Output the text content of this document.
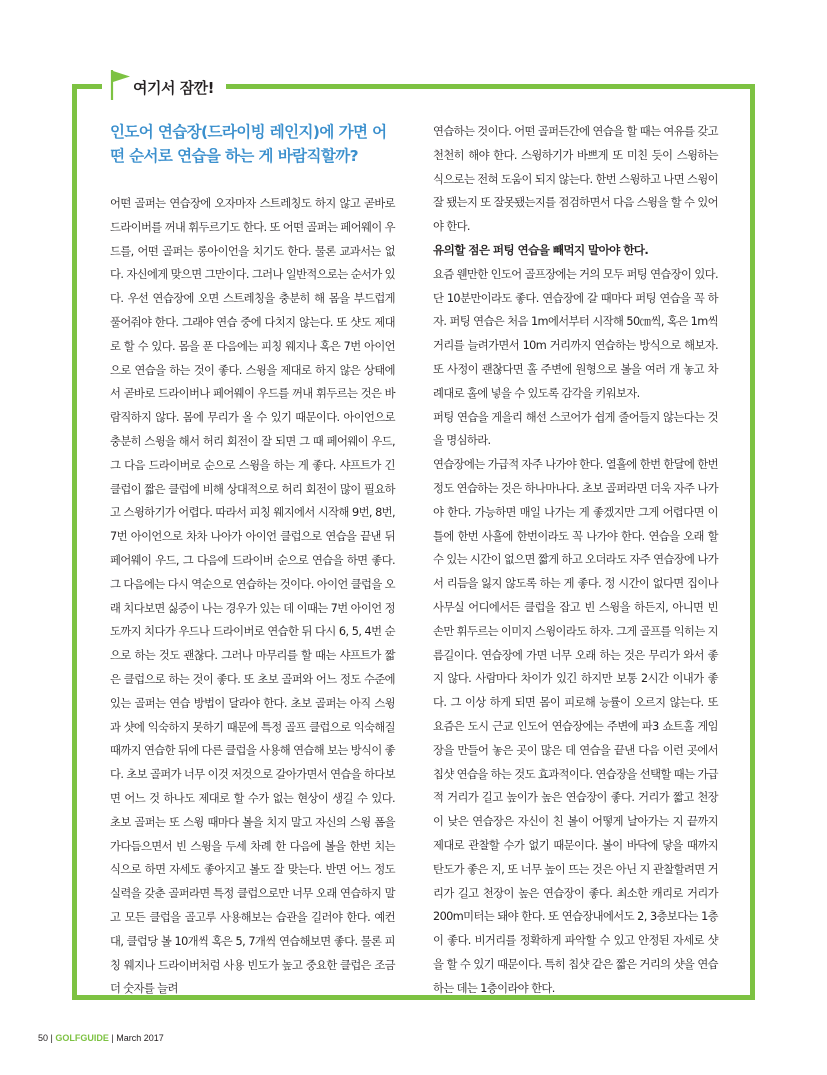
여기서 잠깐!
인도어 연습장(드라이빙 레인지)에 가면 어떤 순서로 연습을 하는 게 바람직할까?

어떤 골퍼는 연습장에 오자마자 스트레칭도 하지 않고 곧바로 드라이버를 꺼내 휘두르기도 한다. 또 어떤 골퍼는 페어웨이 우드를, 어떤 골퍼는 롱아이언을 치기도 한다. 물론 교과서는 없다. 자신에게 맞으면 그만이다. 그러나 일반적으로는 순서가 있다. 우선 연습장에 오면 스트레칭을 충분히 해 몸을 부드럽게 풀어줘야 한다. 그래야 연습 중에 다치지 않는다. 또 샷도 제대로 할 수 있다. 몸을 푼 다음에는 피칭 웨지나 혹은 7번 아이언으로 연습을 하는 것이 좋다. 스윙을 제대로 하지 않은 상태에서 곧바로 드라이버나 페어웨이 우드를 꺼내 휘두르는 것은 바람직하지 않다. 몸에 무리가 올 수 있기 때문이다. 아이언으로 충분히 스윙을 해서 허리 회전이 잘 되면 그 때 페어웨이 우드, 그 다음 드라이버로 순으로 스윙을 하는 게 좋다. 샤프트가 긴 클럽이 짧은 클럽에 비해 상대적으로 허리 회전이 많이 필요하고 스윙하기가 어렵다. 따라서 피칭 웨지에서 시작해 9번, 8번, 7번 아이언으로 차차 나아가 아이언 클럽으로 연습을 끝낸 뒤 페어웨이 우드, 그 다음에 드라이버 순으로 연습을 하면 좋다. 그 다음에는 다시 역순으로 연습하는 것이다. 아이언 클럽을 오래 치다보면 싫증이 나는 경우가 있는 데 이때는 7번 아이언 정도까지 치다가 우드나 드라이버로 연습한 뒤 다시 6, 5, 4번 순으로 하는 것도 괜찮다. 그러나 마무리를 할 때는 샤프트가 짧은 클럽으로 하는 것이 좋다. 또 초보 골퍼와 어느 정도 수준에 있는 골퍼는 연습 방법이 달라야 한다. 초보 골퍼는 아직 스윙과 샷에 익숙하지 못하기 때문에 특정 골프 클럽으로 익숙해질 때까지 연습한 뒤에 다른 클럽을 사용해 연습해 보는 방식이 좋다. 초보 골퍼가 너무 이것 저것으로 갈아가면서 연습을 하다보면 어느 것 하나도 제대로 할 수가 없는 현상이 생길 수 있다. 초보 골퍼는 또 스윙 때마다 볼을 치지 말고 자신의 스윙 폼을 가다듬으면서 빈 스윙을 두세 차례 한 다음에 볼을 한번 치는 식으로 하면 자세도 좋아지고 볼도 잘 맞는다. 반면 어느 정도 실력을 갖춘 골퍼라면 특정 클럽으로만 너무 오래 연습하지 말고 모든 클럽을 골고루 사용해보는 습관을 길러야 한다. 예컨대, 클럽당 볼 10개씩 혹은 5, 7개씩 연습해보면 좋다. 물론 피칭 웨지나 드라이버처럼 사용 빈도가 높고 중요한 클럽은 조금 더 숫자를 늘려

연습하는 것이다. 어떤 골퍼든간에 연습을 할 때는 여유를 갖고 천천히 해야 한다. 스윙하기가 바쁘게 또 미친 듯이 스윙하는 식으로는 전혀 도움이 되지 않는다. 한번 스윙하고 나면 스윙이 잘 됐는지 또 잘못됐는지를 점검하면서 다음 스윙을 할 수 있어야 한다.

유의할 점은 퍼팅 연습을 빼먹지 말아야 한다.

요즘 웬만한 인도어 골프장에는 거의 모두 퍼팅 연습장이 있다. 단 10분만이라도 좋다. 연습장에 갈 때마다 퍼팅 연습을 꼭 하자. 퍼팅 연습은 처음 1m에서부터 시작해 50㎝씩, 혹은 1m씩 거리를 늘려가면서 10m 거리까지 연습하는 방식으로 해보자. 또 사정이 괜찮다면 홀 주변에 원형으로 볼을 여러 개 놓고 차례대로 홀에 넣을 수 있도록 감각을 키워보자.

퍼팅 연습을 게을리 해선 스코어가 쉽게 줄어들지 않는다는 것을 명심하라.

연습장에는 가급적 자주 나가야 한다. 열흘에 한번 한달에 한번 정도 연습하는 것은 하나마나다. 초보 골퍼라면 더욱 자주 나가야 한다. 가능하면 매일 나가는 게 좋겠지만 그게 어렵다면 이틀에 한번 사흘에 한번이라도 꼭 나가야 한다. 연습을 오래 할 수 있는 시간이 없으면 짧게 하고 오더라도 자주 연습장에 나가서 리듬을 잃지 않도록 하는 게 좋다. 정 시간이 없다면 집이나 사무실 어디에서든 클럽을 잡고 빈 스윙을 하든지, 아니면 빈 손만 휘두르는 이미지 스윙이라도 하자. 그게 골프를 익히는 지름길이다. 연습장에 가면 너무 오래 하는 것은 무리가 와서 좋지 않다. 사람마다 차이가 있긴 하지만 보통 2시간 이내가 좋다. 그 이상 하게 되면 몸이 피로해 능률이 오르지 않는다. 또 요즘은 도시 근교 인도어 연습장에는 주변에 파3 쇼트홀 게임장을 만들어 놓은 곳이 많은 데 연습을 끝낸 다음 이런 곳에서 칩샷 연습을 하는 것도 효과적이다. 연습장을 선택할 때는 가급적 거리가 길고 높이가 높은 연습장이 좋다. 거리가 짧고 천장이 낮은 연습장은 자신이 친 볼이 어떻게 날아가는 지 끝까지 제대로 관찰할 수가 없기 때문이다. 볼이 바닥에 닿을 때까지 탄도가 좋은 지, 또 너무 높이 뜨는 것은 아닌 지 관찰할려면 거리가 길고 천장이 높은 연습장이 좋다. 최소한 캐리로 거리가 200m미터는 돼야 한다. 또 연습장내에서도 2, 3층보다는 1층이 좋다. 비거리를 정확하게 파악할 수 있고 안정된 자세로 샷을 할 수 있기 때문이다. 특히 칩샷 같은 짧은 거리의 샷을 연습하는 데는 1층이라야 한다.

50 | GOLFGUIDE | March 2017
